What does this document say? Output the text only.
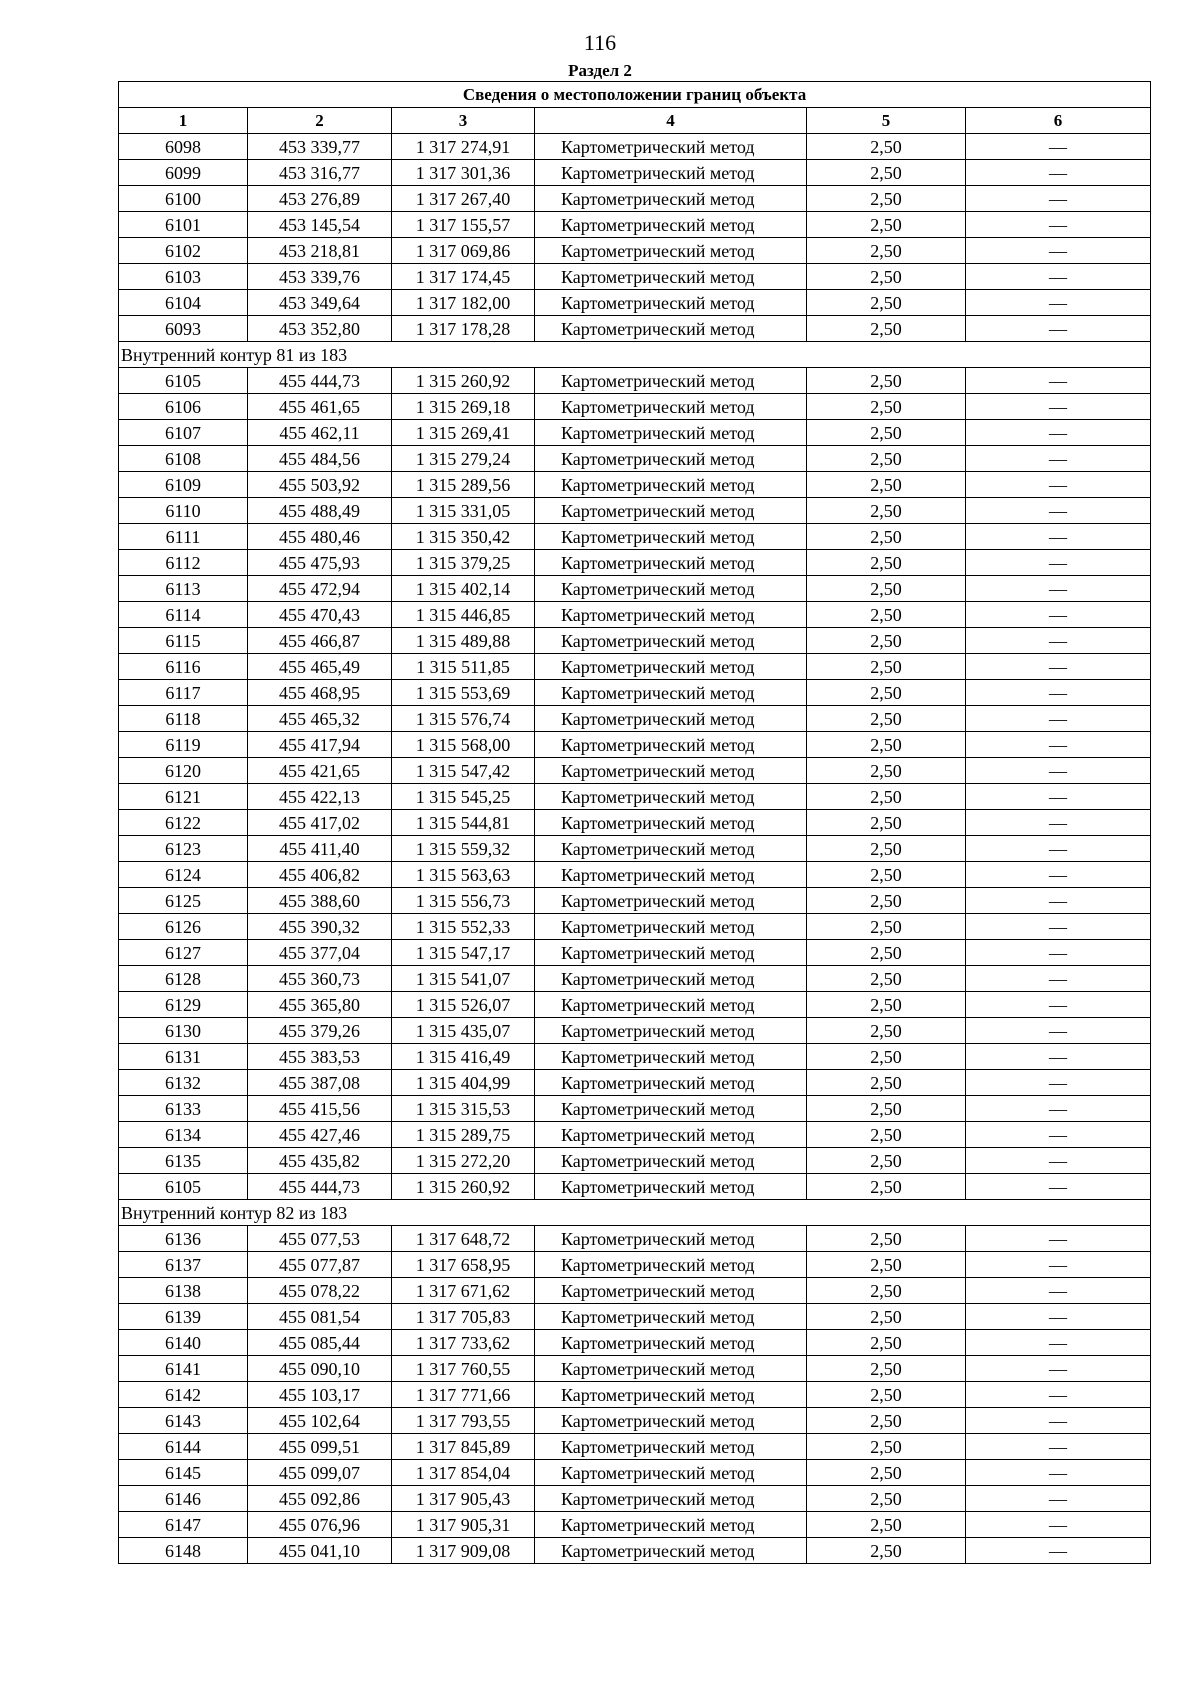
116
Раздел 2
Сведения о местоположении границ объекта					
1	2	3	4	5	6
6098	453 339,77	1 317 274,91	Картометрический метод	2,50	—
6099	453 316,77	1 317 301,36	Картометрический метод	2,50	—
6100	453 276,89	1 317 267,40	Картометрический метод	2,50	—
6101	453 145,54	1 317 155,57	Картометрический метод	2,50	—
6102	453 218,81	1 317 069,86	Картометрический метод	2,50	—
6103	453 339,76	1 317 174,45	Картометрический метод	2,50	—
6104	453 349,64	1 317 182,00	Картометрический метод	2,50	—
6093	453 352,80	1 317 178,28	Картометрический метод	2,50	—
Внутренний контур 81 из 183					
6105	455 444,73	1 315 260,92	Картометрический метод	2,50	—
6106	455 461,65	1 315 269,18	Картометрический метод	2,50	—
6107	455 462,11	1 315 269,41	Картометрический метод	2,50	—
6108	455 484,56	1 315 279,24	Картометрический метод	2,50	—
6109	455 503,92	1 315 289,56	Картометрический метод	2,50	—
6110	455 488,49	1 315 331,05	Картометрический метод	2,50	—
6111	455 480,46	1 315 350,42	Картометрический метод	2,50	—
6112	455 475,93	1 315 379,25	Картометрический метод	2,50	—
6113	455 472,94	1 315 402,14	Картометрический метод	2,50	—
6114	455 470,43	1 315 446,85	Картометрический метод	2,50	—
6115	455 466,87	1 315 489,88	Картометрический метод	2,50	—
6116	455 465,49	1 315 511,85	Картометрический метод	2,50	—
6117	455 468,95	1 315 553,69	Картометрический метод	2,50	—
6118	455 465,32	1 315 576,74	Картометрический метод	2,50	—
6119	455 417,94	1 315 568,00	Картометрический метод	2,50	—
6120	455 421,65	1 315 547,42	Картометрический метод	2,50	—
6121	455 422,13	1 315 545,25	Картометрический метод	2,50	—
6122	455 417,02	1 315 544,81	Картометрический метод	2,50	—
6123	455 411,40	1 315 559,32	Картометрический метод	2,50	—
6124	455 406,82	1 315 563,63	Картометрический метод	2,50	—
6125	455 388,60	1 315 556,73	Картометрический метод	2,50	—
6126	455 390,32	1 315 552,33	Картометрический метод	2,50	—
6127	455 377,04	1 315 547,17	Картометрический метод	2,50	—
6128	455 360,73	1 315 541,07	Картометрический метод	2,50	—
6129	455 365,80	1 315 526,07	Картометрический метод	2,50	—
6130	455 379,26	1 315 435,07	Картометрический метод	2,50	—
6131	455 383,53	1 315 416,49	Картометрический метод	2,50	—
6132	455 387,08	1 315 404,99	Картометрический метод	2,50	—
6133	455 415,56	1 315 315,53	Картометрический метод	2,50	—
6134	455 427,46	1 315 289,75	Картометрический метод	2,50	—
6135	455 435,82	1 315 272,20	Картометрический метод	2,50	—
6105	455 444,73	1 315 260,92	Картометрический метод	2,50	—
Внутренний контур 82 из 183					
6136	455 077,53	1 317 648,72	Картометрический метод	2,50	—
6137	455 077,87	1 317 658,95	Картометрический метод	2,50	—
6138	455 078,22	1 317 671,62	Картометрический метод	2,50	—
6139	455 081,54	1 317 705,83	Картометрический метод	2,50	—
6140	455 085,44	1 317 733,62	Картометрический метод	2,50	—
6141	455 090,10	1 317 760,55	Картометрический метод	2,50	—
6142	455 103,17	1 317 771,66	Картометрический метод	2,50	—
6143	455 102,64	1 317 793,55	Картометрический метод	2,50	—
6144	455 099,51	1 317 845,89	Картометрический метод	2,50	—
6145	455 099,07	1 317 854,04	Картометрический метод	2,50	—
6146	455 092,86	1 317 905,43	Картометрический метод	2,50	—
6147	455 076,96	1 317 905,31	Картометрический метод	2,50	—
6148	455 041,10	1 317 909,08	Картометрический метод	2,50	—
